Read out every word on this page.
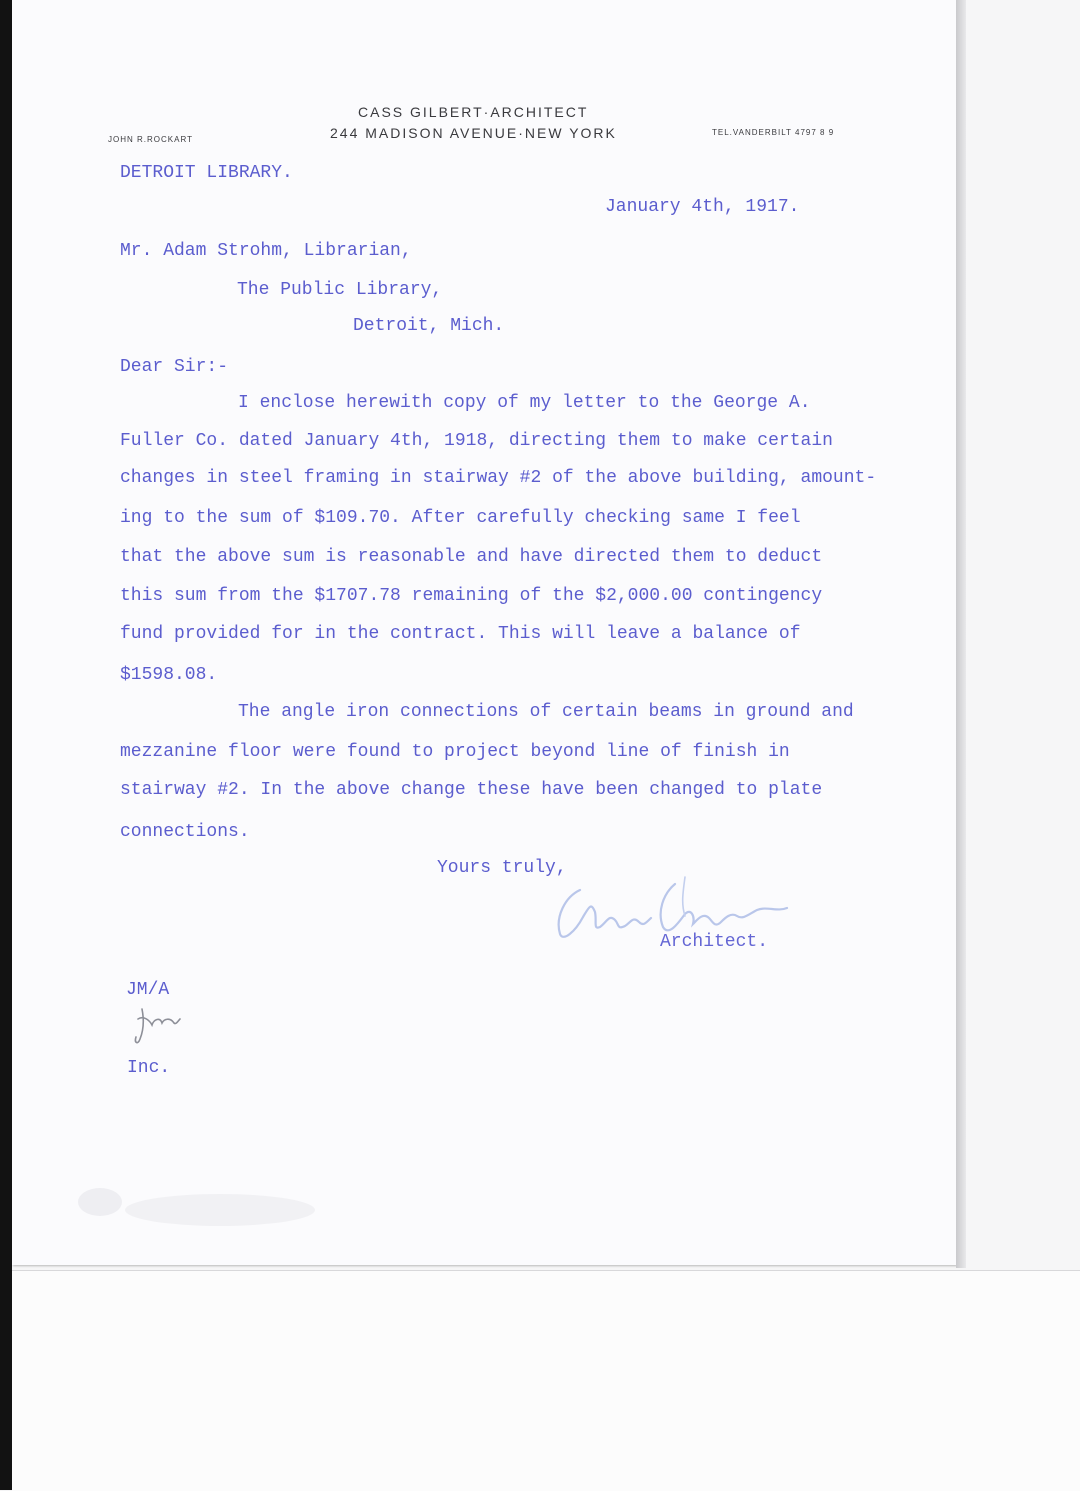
CASS GILBERT·ARCHITECT
244 MADISON AVENUE·NEW YORK
JOHN R.ROCKART
TEL.VANDERBILT 4797 8 9
DETROIT LIBRARY.
January 4th, 1917.
Mr. Adam Strohm, Librarian,
The Public Library,
Detroit, Mich.
Dear Sir:-
I enclose herewith copy of my letter to the George A.
Fuller Co. dated January 4th, 1918, directing them to make certain
changes in steel framing in stairway #2 of the above building, amount-
ing to the sum of $109.70. After carefully checking same I feel
that the above sum is reasonable and have directed them to deduct
this sum from the $1707.78 remaining of the $2,000.00 contingency
fund provided for in the contract. This will leave a balance of
$1598.08.
The angle iron connections of certain beams in ground and
mezzanine floor were found to project beyond line of finish in
stairway #2. In the above change these have been changed to plate
connections.
Yours truly,
Architect.
JM/A
Inc.
